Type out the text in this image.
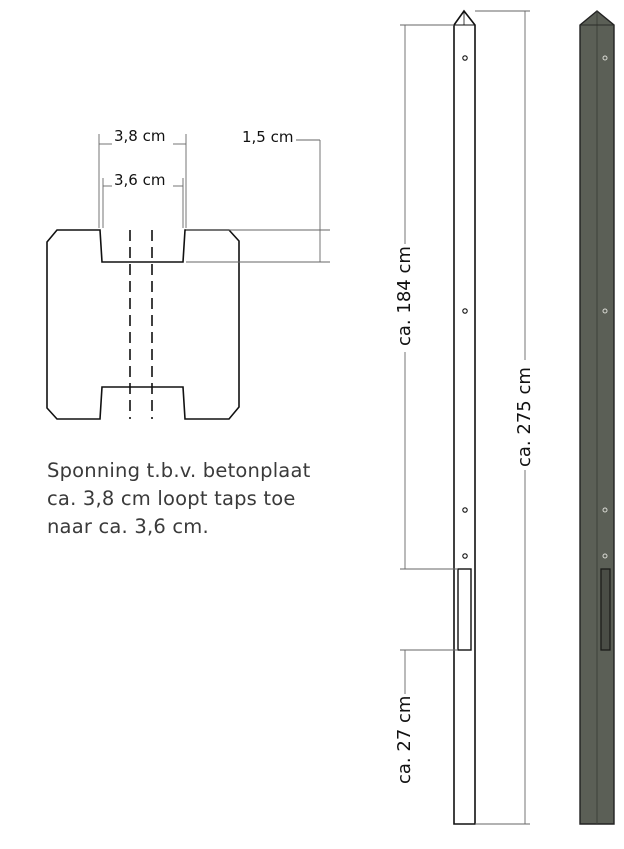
3,8 cm
3,6 cm
1,5 cm
ca. 275 cm
ca. 184 cm
ca. 27 cm
Sponning t.b.v. betonplaat
ca. 3,8 cm loopt taps toe
naar ca. 3,6 cm.
